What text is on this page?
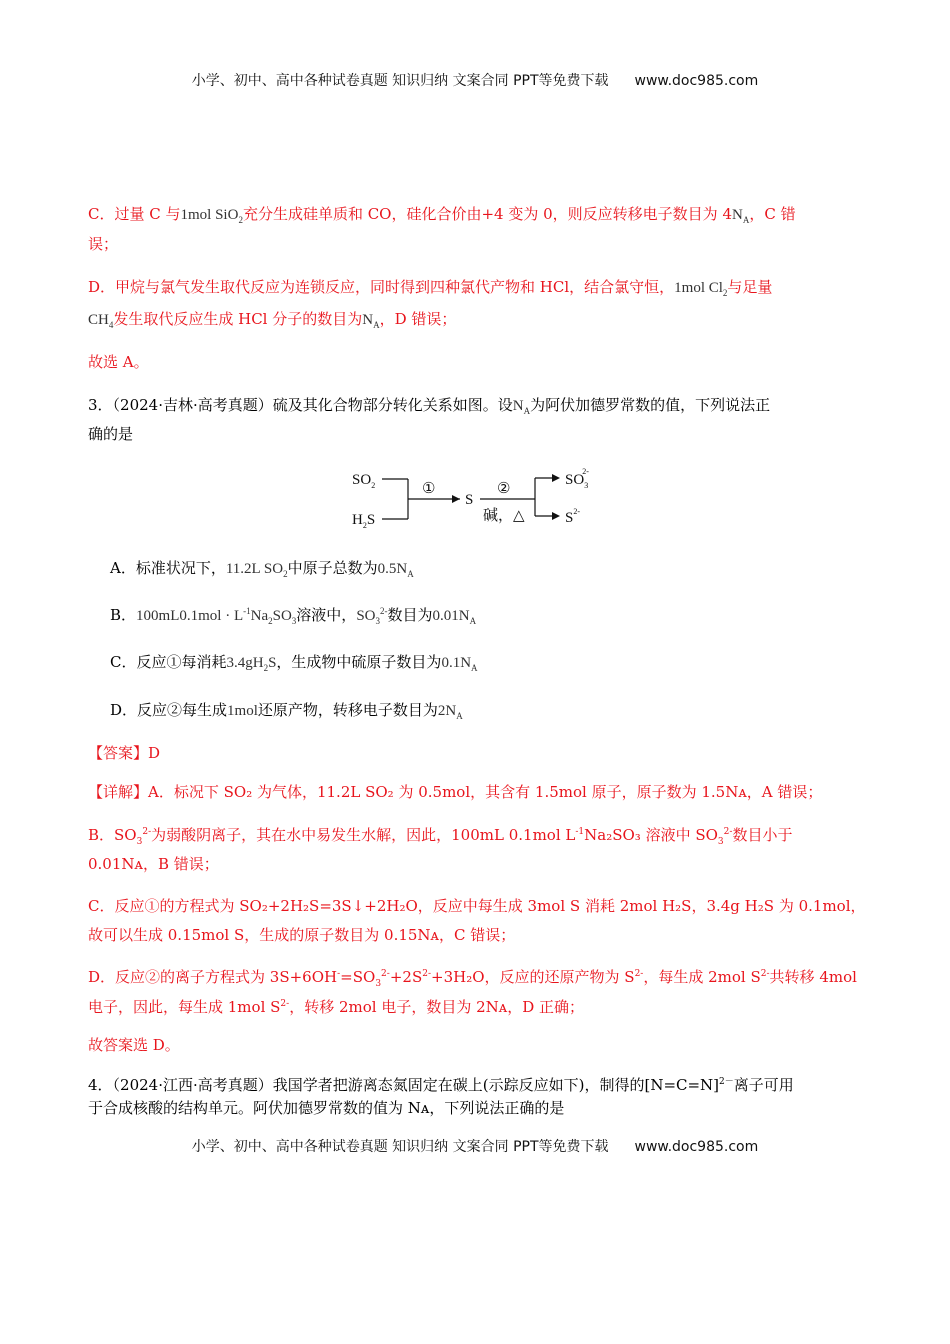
小学、初中、高中各种试卷真题 知识归纳 文案合同 PPT等免费下载 www.doc985.com
C．过量 C 与1mol SiO$_2$充分生成硅单质和 CO，硅化合价由+4 变为 0，则反应转移电子数目为 $4N_A$，C 错
误；
D．甲烷与氯气发生取代反应为连锁反应，同时得到四种氯代产物和 HCl，结合氯守恒，1mol $Cl_2$与足量
$CH_4$发生取代反应生成 HCl 分子的数目为$N_A$，D 错误；
故选 A。
3．（2024·吉林·高考真题）硫及其化合物部分转化关系如图。设$N_A$为阿伏加德罗常数的值，下列说法正
确的是
$SO_2$
$H_2S$
①
S
②
碱，△
$SO_32-$
$S^{2-}$
A．标准状况下，11.2L $SO_2$中原子总数为$0.5N_A$
B．$100mL0.1mol \cdot L^{-1}Na_2SO_3$溶液中，$SO_3^{2-}$数目为$0.01N_A$
C．反应①每消耗$3.4gH_2S$，生成物中硫原子数目为$0.1N_A$
D．反应②每生成1mol还原产物，转移电子数目为$2N_A$
【答案】D
【详解】A．标况下 SO₂ 为气体，11.2L SO₂ 为 0.5mol，其含有 1.5mol 原子，原子数为 1.5Nᴀ，A 错误；
B．$SO_3^{2-}$为弱酸阴离子，其在水中易发生水解，因此，100mL 0.1mol $L^{-1}Na_2SO_3$ 溶液中 $SO_3^{2-}$数目小于
0.01Nᴀ，B 错误；
C．反应①的方程式为 SO₂+2H₂S=3S↓+2H₂O，反应中每生成 3mol S 消耗 2mol H₂S，3.4g H₂S 为 0.1mol，
故可以生成 0.15mol S，生成的原子数目为 0.15Nᴀ，C 错误；
D．反应②的离子方程式为 $3S+6OH^-=SO_3^{2-}+2S^{2-}+3H_2O$，反应的还原产物为 $S^{2-}$，每生成 2mol $S^{2-}$共转移 4mol
电子，因此，每生成 1mol $S^{2-}$，转移 2mol 电子，数目为 2Nᴀ，D 正确；
故答案选 D。
4．（2024·江西·高考真题）我国学者把游离态氮固定在碳上(示踪反应如下)，制得的[N=C=N]$^{2-}$离子可用
于合成核酸的结构单元。阿伏加德罗常数的值为 Nᴀ，下列说法正确的是
小学、初中、高中各种试卷真题 知识归纳 文案合同 PPT等免费下载 www.doc985.com
